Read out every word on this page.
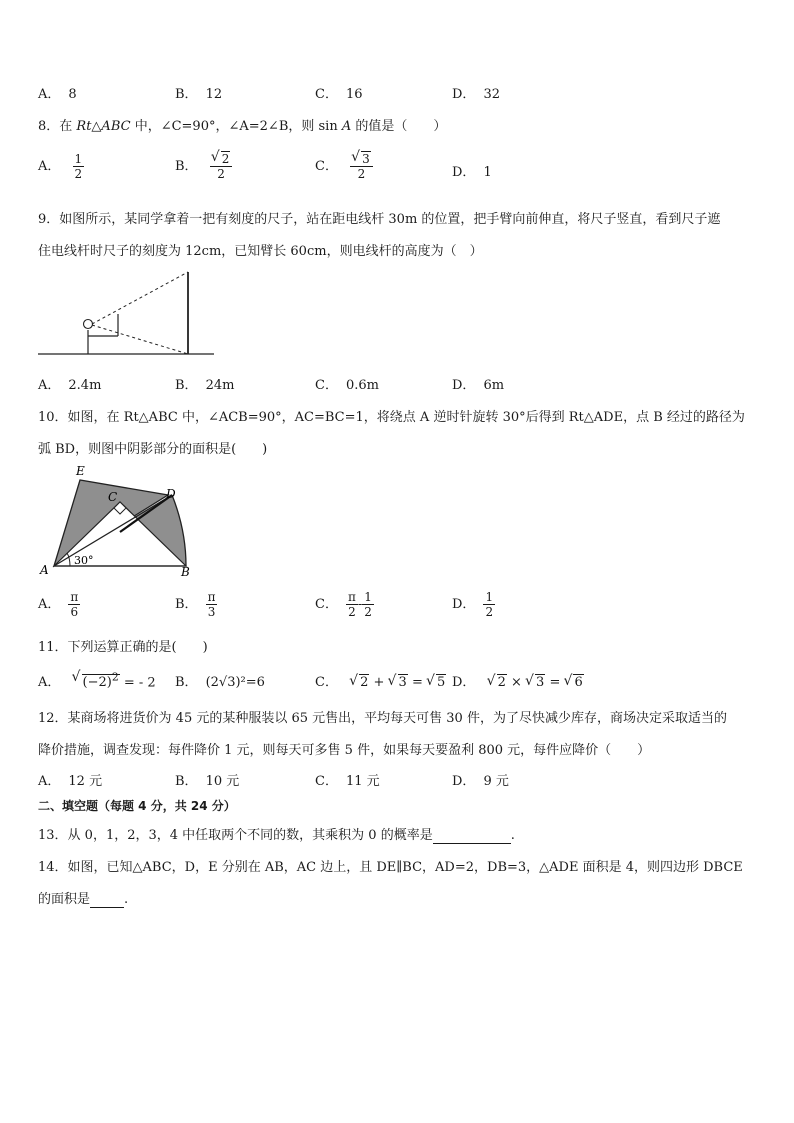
A． 8	B． 12	C． 16	D． 32
8．在 Rt△ABC 中，∠C=90°，∠A=2∠B，则 sin A 的值是（　　）
A． $\frac{1}{2}$	B． √ $\frac{2}{2}$	C． √ $\frac{3}{2}$	D． 1
9．如图所示，某同学拿着一把有刻度的尺子，站在距电线杆 30m 的位置，把手臂向前伸直，将尺子竖直，看到尺子遮
住电线杆时尺子的刻度为 12cm，已知臂长 60cm，则电线杆的高度为（　）
A． 2.4m	B． 24m	C． 0.6m	D． 6m
10．如图，在 Rt△ABC 中，∠ACB=90°，AC=BC=1，将绕点 A 逆时针旋转 30°后得到 Rt△ADE，点 B 经过的路径为
弧 BD，则图中阴影部分的面积是(　　)
E
C	D
A	B
30°
A． $\frac{\pi}{6}$	B． $\frac{\pi}{3}$	C． $\frac{\pi}{2} - \frac{1}{2}$	D． $\frac{1}{2}$
11．下列运算正确的是(　　)
A． √ $(-2)^2$ = - 2 B． (2√3)²=6	C． √ 2 + √ 3 = √ 5 D． √ 2 × √ 3 = √ 6
12．某商场将进货价为 45 元的某种服装以 65 元售出，平均每天可售 30 件，为了尽快减少库存，商场决定采取适当的
降价措施，调查发现：每件降价 1 元，则每天可多售 5 件，如果每天要盈利 800 元，每件应降价（　　）
A． 12 元	B． 10 元	C． 11 元	D． 9 元
二、填空题（每题 4 分，共 24 分）
13．从 0，1，2，3，4 中任取两个不同的数，其乘积为 0 的概率是	.
14．如图，已知△ABC，D，E 分别在 AB，AC 边上，且 DE∥BC，AD=2，DB=3，△ADE 面积是 4，则四边形 DBCE
的面积是	.
